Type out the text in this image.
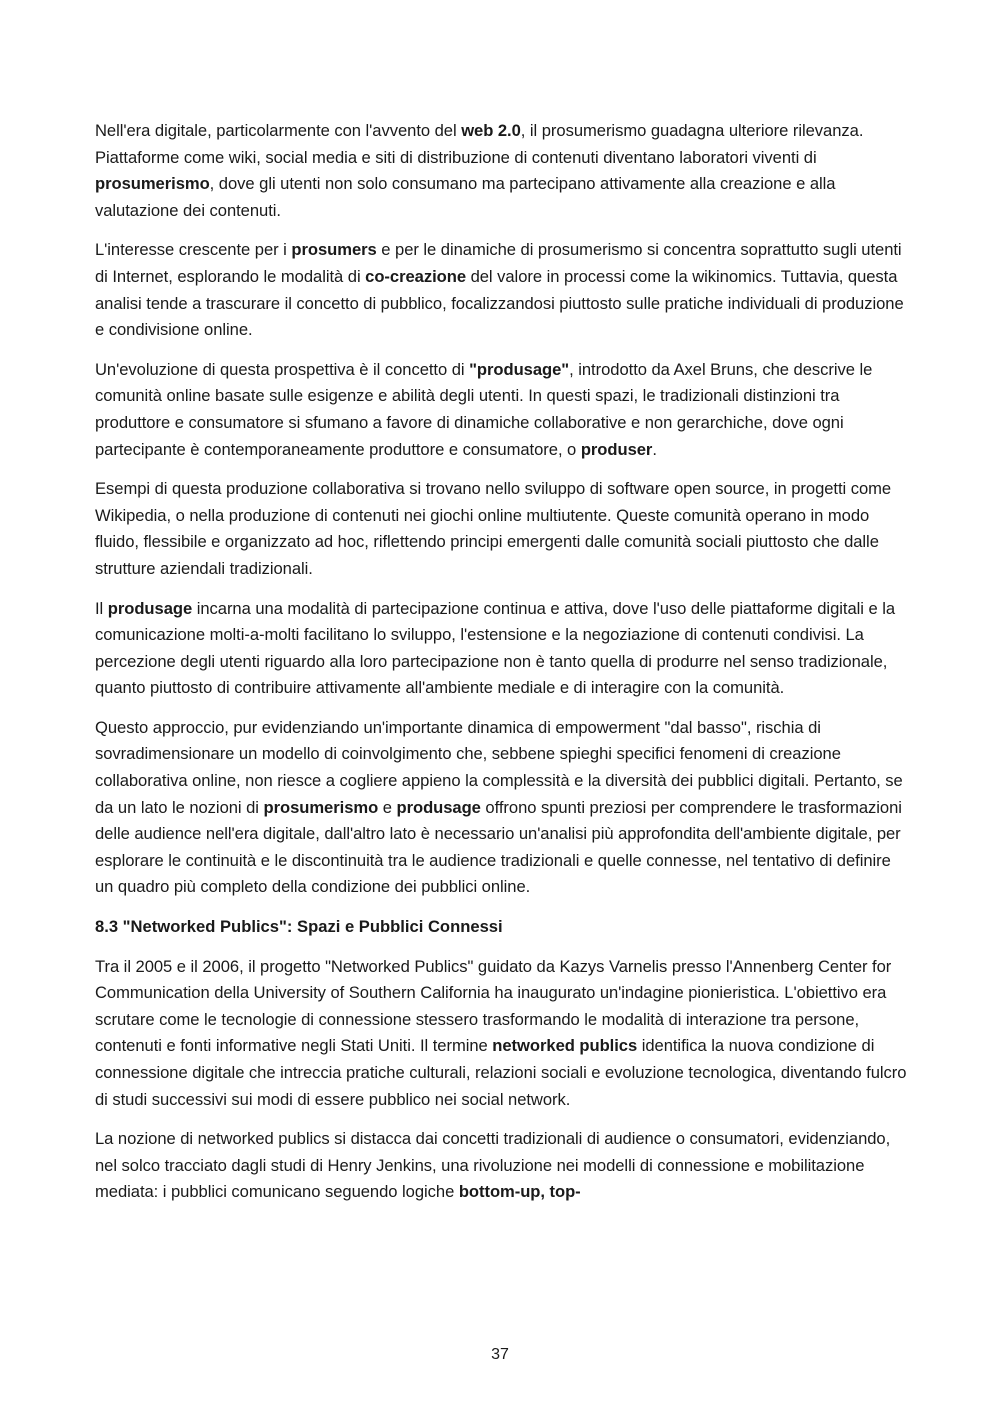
Nell'era digitale, particolarmente con l'avvento del web 2.0, il prosumerismo guadagna ulteriore rilevanza. Piattaforme come wiki, social media e siti di distribuzione di contenuti diventano laboratori viventi di prosumerismo, dove gli utenti non solo consumano ma partecipano attivamente alla creazione e alla valutazione dei contenuti.

L'interesse crescente per i prosumers e per le dinamiche di prosumerismo si concentra soprattutto sugli utenti di Internet, esplorando le modalità di co-creazione del valore in processi come la wikinomics. Tuttavia, questa analisi tende a trascurare il concetto di pubblico, focalizzandosi piuttosto sulle pratiche individuali di produzione e condivisione online.

Un'evoluzione di questa prospettiva è il concetto di "produsage", introdotto da Axel Bruns, che descrive le comunità online basate sulle esigenze e abilità degli utenti. In questi spazi, le tradizionali distinzioni tra produttore e consumatore si sfumano a favore di dinamiche collaborative e non gerarchiche, dove ogni partecipante è contemporaneamente produttore e consumatore, o produser.

Esempi di questa produzione collaborativa si trovano nello sviluppo di software open source, in progetti come Wikipedia, o nella produzione di contenuti nei giochi online multiutente. Queste comunità operano in modo fluido, flessibile e organizzato ad hoc, riflettendo principi emergenti dalle comunità sociali piuttosto che dalle strutture aziendali tradizionali.

Il produsage incarna una modalità di partecipazione continua e attiva, dove l'uso delle piattaforme digitali e la comunicazione molti-a-molti facilitano lo sviluppo, l'estensione e la negoziazione di contenuti condivisi. La percezione degli utenti riguardo alla loro partecipazione non è tanto quella di produrre nel senso tradizionale, quanto piuttosto di contribuire attivamente all'ambiente mediale e di interagire con la comunità.

Questo approccio, pur evidenziando un'importante dinamica di empowerment "dal basso", rischia di sovradimensionare un modello di coinvolgimento che, sebbene spieghi specifici fenomeni di creazione collaborativa online, non riesce a cogliere appieno la complessità e la diversità dei pubblici digitali. Pertanto, se da un lato le nozioni di prosumerismo e produsage offrono spunti preziosi per comprendere le trasformazioni delle audience nell'era digitale, dall'altro lato è necessario un'analisi più approfondita dell'ambiente digitale, per esplorare le continuità e le discontinuità tra le audience tradizionali e quelle connesse, nel tentativo di definire un quadro più completo della condizione dei pubblici online.

8.3 "Networked Publics": Spazi e Pubblici Connessi

Tra il 2005 e il 2006, il progetto "Networked Publics" guidato da Kazys Varnelis presso l'Annenberg Center for Communication della University of Southern California ha inaugurato un'indagine pionieristica. L'obiettivo era scrutare come le tecnologie di connessione stessero trasformando le modalità di interazione tra persone, contenuti e fonti informative negli Stati Uniti. Il termine networked publics identifica la nuova condizione di connessione digitale che intreccia pratiche culturali, relazioni sociali e evoluzione tecnologica, diventando fulcro di studi successivi sui modi di essere pubblico nei social network.

La nozione di networked publics si distacca dai concetti tradizionali di audience o consumatori, evidenziando, nel solco tracciato dagli studi di Henry Jenkins, una rivoluzione nei modelli di connessione e mobilitazione mediata: i pubblici comunicano seguendo logiche bottom-up, top-

37
